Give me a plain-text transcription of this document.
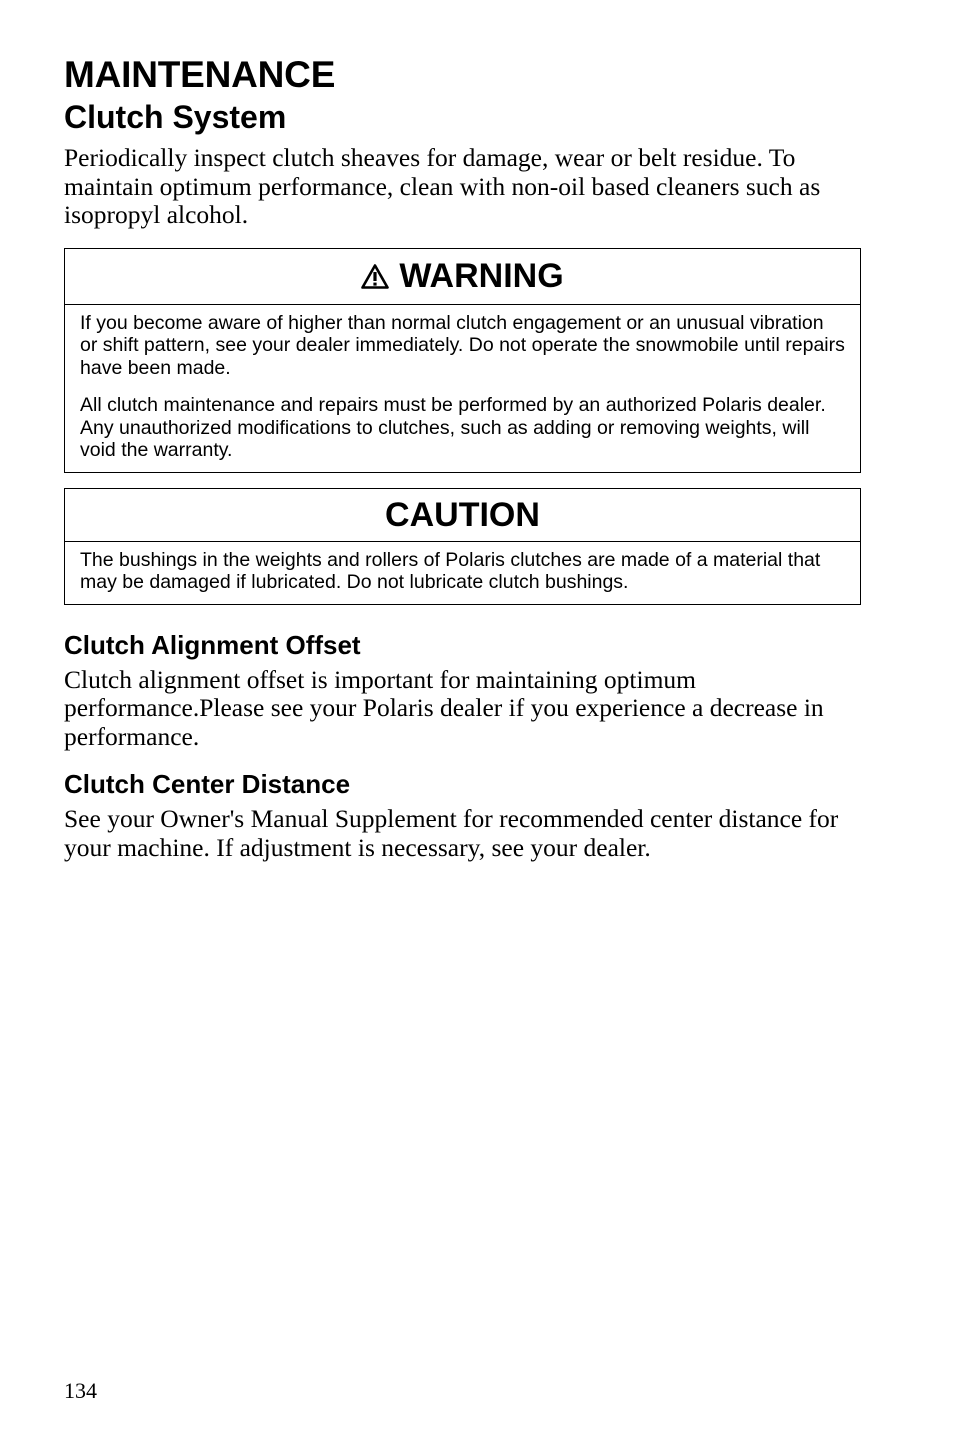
MAINTENANCE
Clutch System

Periodically inspect clutch sheaves for damage, wear or belt residue. To maintain optimum performance, clean with non-oil based cleaners such as isopropyl alcohol.

WARNING

If you become aware of higher than normal clutch engagement or an unusual vibration or shift pattern, see your dealer immediately. Do not operate the snowmobile until repairs have been made.

All clutch maintenance and repairs must be performed by an authorized Polaris dealer. Any unauthorized modifications to clutches, such as adding or removing weights, will void the warranty.

CAUTION

The bushings in the weights and rollers of Polaris clutches are made of a material that may be damaged if lubricated. Do not lubricate clutch bushings.

Clutch Alignment Offset

Clutch alignment offset is important for maintaining optimum performance.Please see your Polaris dealer if you experience a decrease in performance.

Clutch Center Distance

See your Owner's Manual Supplement for recommended center distance for your machine. If adjustment is necessary, see your dealer.

134
